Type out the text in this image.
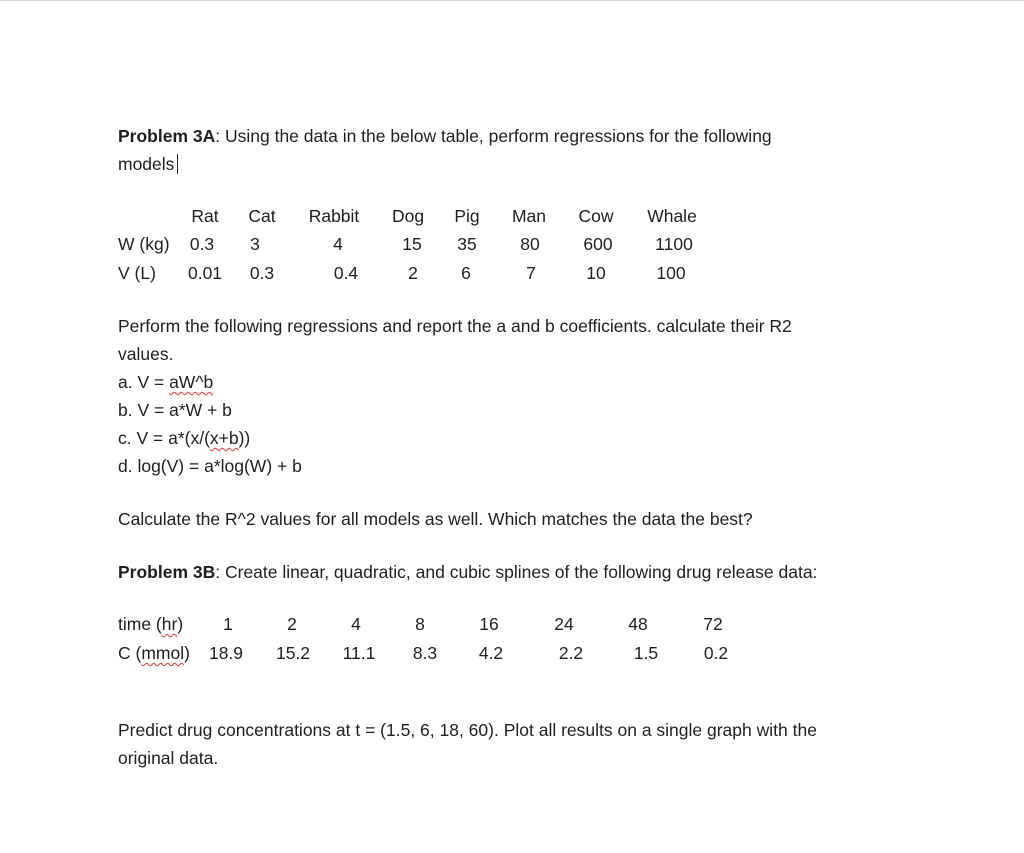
Problem 3A: Using the data in the below table, perform regressions for the following
models
Rat Cat Rabbit Dog Pig Man Cow Whale
W (kg) 0.3 3	4	15 35 80 600 1100
V (L) 0.01 0.3	0.4	2 6	7	10	100
Perform the following regressions and report the a and b coefficients. calculate their R2
values.
a. V = aW^b
b. V = a*W + b
c. V = a*(x/(x+b))
d. log(V) = a*log(W) + b
Calculate the R^2 values for all models as well. Which matches the data the best?
Problem 3B: Create linear, quadratic, and cubic splines of the following drug release data:
time (hr) 1	2	4	8	16	24	48	72
C (mmol) 18.9 15.2 11.1 8.3 4.2	2.2	1.5	0.2
Predict drug concentrations at t = (1.5, 6, 18, 60). Plot all results on a single graph with the
original data.
